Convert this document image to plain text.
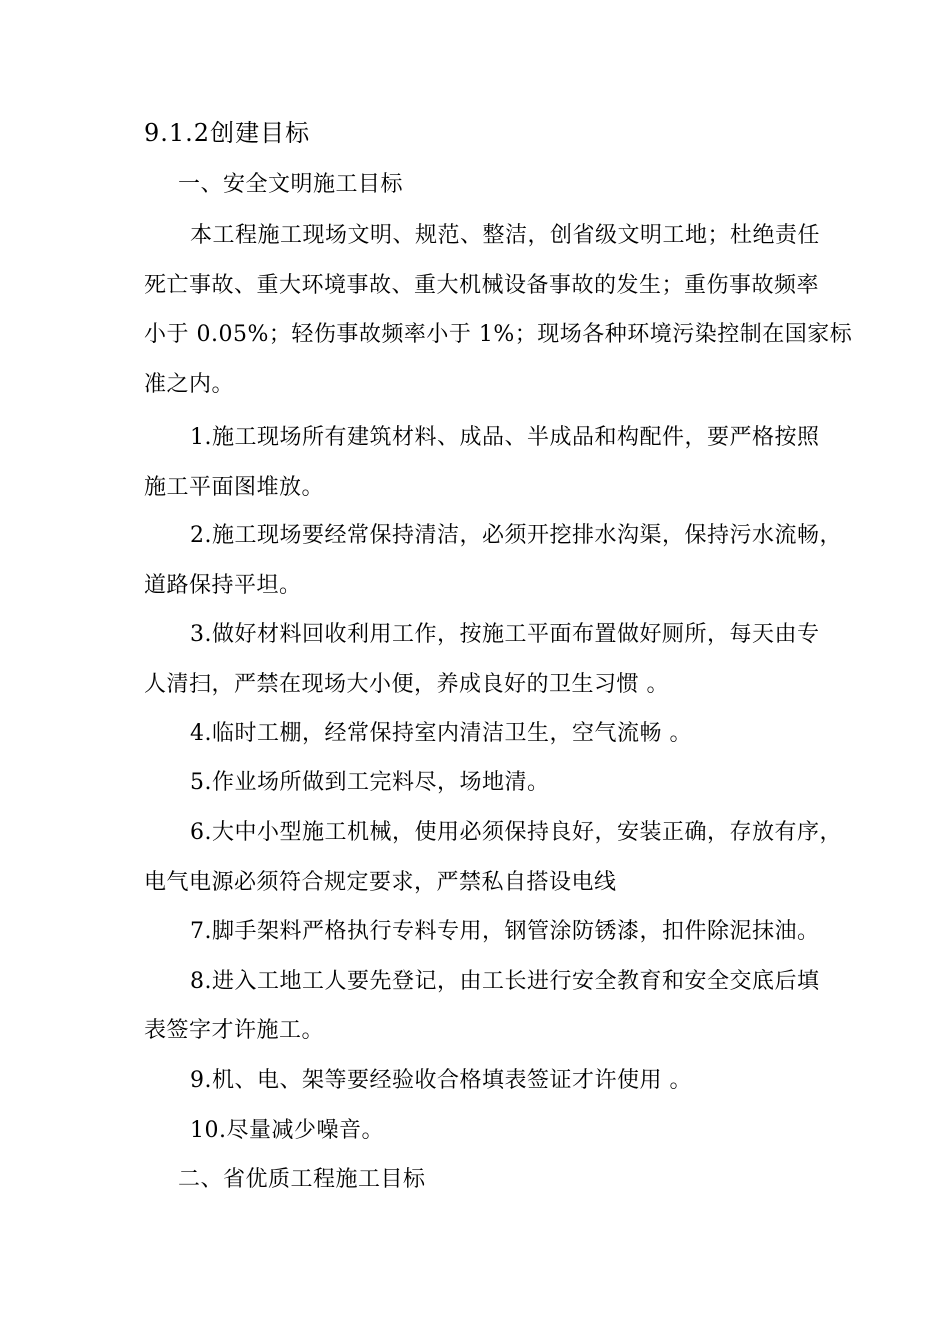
9.1.2创建目标
一、安全文明施工目标
本工程施工现场文明、规范、整洁，创省级文明工地；杜绝责任
死亡事故、重大环境事故、重大机械设备事故的发生；重伤事故频率
小于 0.05%；轻伤事故频率小于 1%；现场各种环境污染控制在国家标
准之内。
1.施工现场所有建筑材料、成品、半成品和构配件，要严格按照
施工平面图堆放。
2.施工现场要经常保持清洁，必须开挖排水沟渠，保持污水流畅，
道路保持平坦。
3.做好材料回收利用工作，按施工平面布置做好厕所，每天由专
人清扫，严禁在现场大小便，养成良好的卫生习惯 。
4.临时工棚，经常保持室内清洁卫生，空气流畅 。
5.作业场所做到工完料尽，场地清。
6.大中小型施工机械，使用必须保持良好，安装正确，存放有序，
电气电源必须符合规定要求，严禁私自搭设电线
7.脚手架料严格执行专料专用，钢管涂防锈漆，扣件除泥抹油。
8.进入工地工人要先登记，由工长进行安全教育和安全交底后填
表签字才许施工。
9.机、电、架等要经验收合格填表签证才许使用 。
10.尽量减少噪音。
二、省优质工程施工目标
